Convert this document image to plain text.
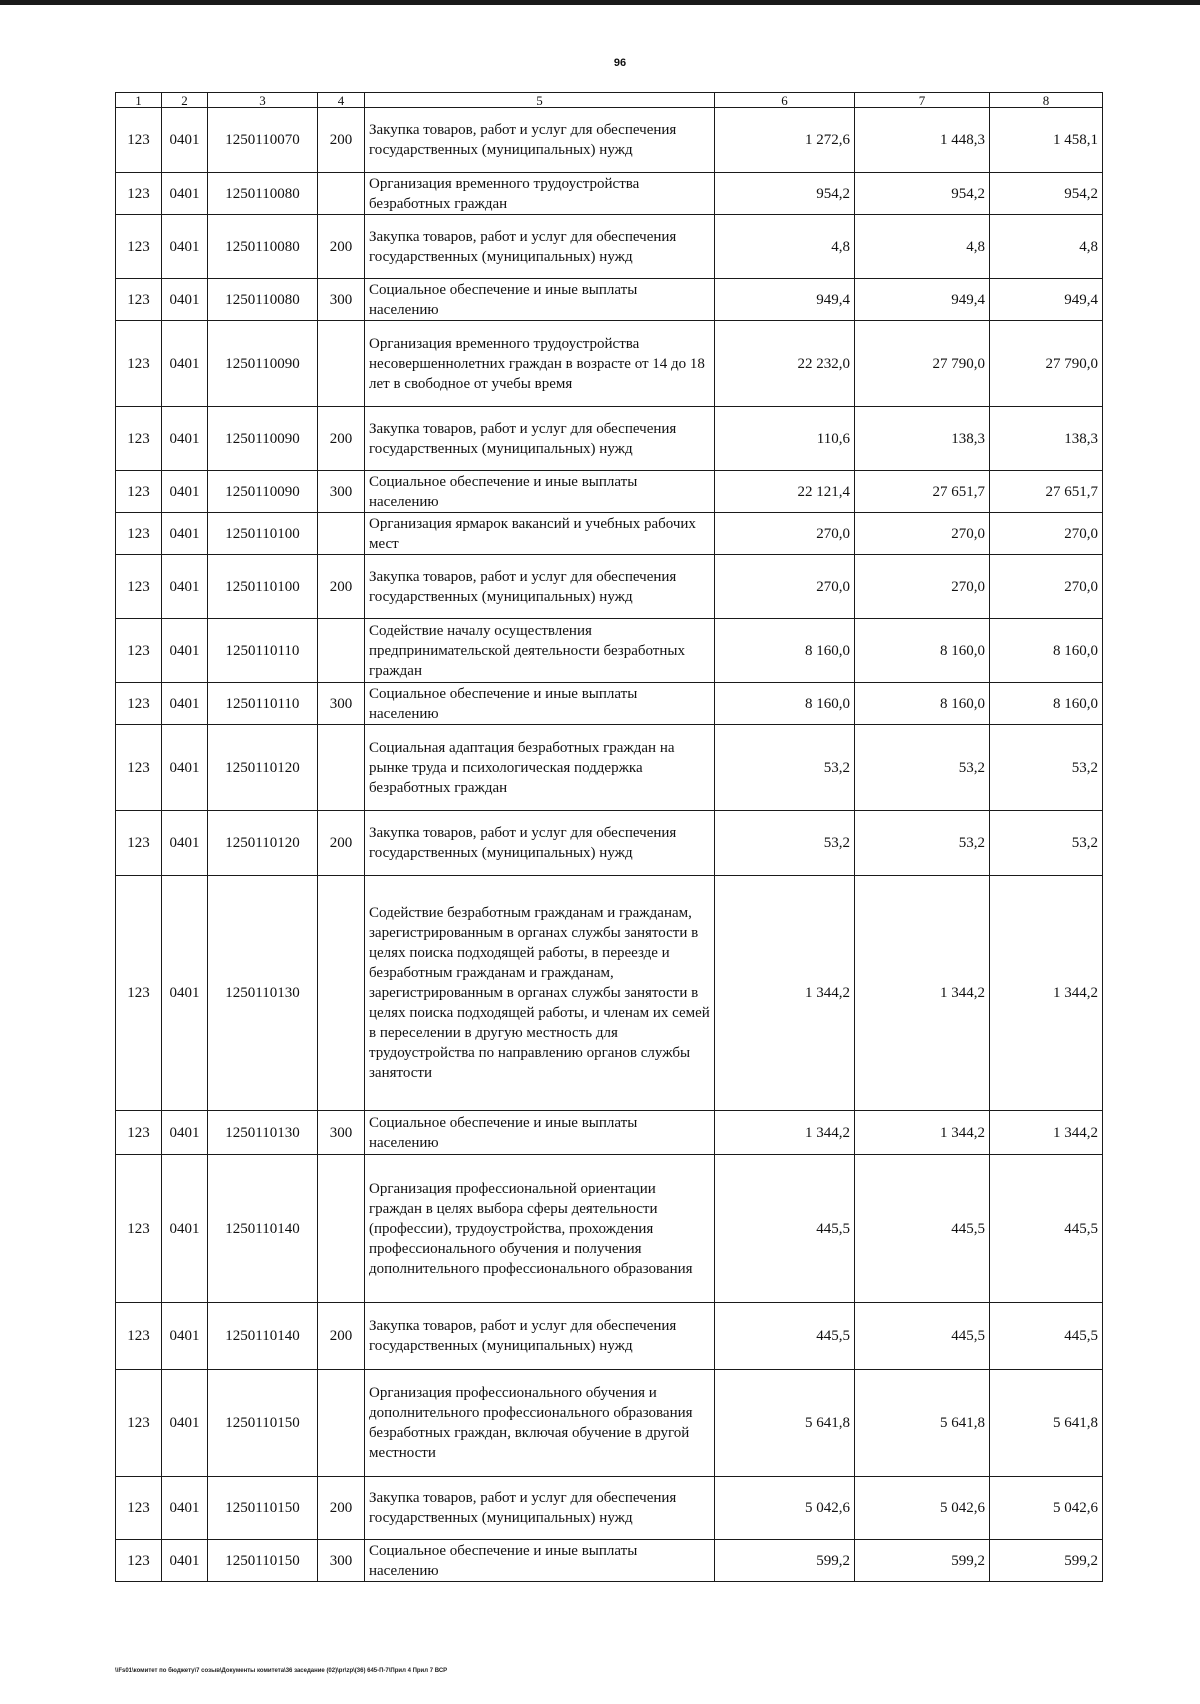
96
1	2	3	4	5	6	7	8
123	0401	1250110070	200	Закупка товаров, работ и услуг для обеспечения государственных (муниципальных) нужд	1 272,6	1 448,3	1 458,1
123	0401	1250110080		Организация временного трудоустройства безработных граждан	954,2	954,2	954,2
123	0401	1250110080	200	Закупка товаров, работ и услуг для обеспечения государственных (муниципальных) нужд	4,8	4,8	4,8
123	0401	1250110080	300	Социальное обеспечение и иные выплаты населению	949,4	949,4	949,4
123	0401	1250110090		Организация временного трудоустройства несовершеннолетних граждан в возрасте от 14 до 18 лет в свободное от учебы время	22 232,0	27 790,0	27 790,0
123	0401	1250110090	200	Закупка товаров, работ и услуг для обеспечения государственных (муниципальных) нужд	110,6	138,3	138,3
123	0401	1250110090	300	Социальное обеспечение и иные выплаты населению	22 121,4	27 651,7	27 651,7
123	0401	1250110100		Организация ярмарок вакансий и учебных рабочих мест	270,0	270,0	270,0
123	0401	1250110100	200	Закупка товаров, работ и услуг для обеспечения государственных (муниципальных) нужд	270,0	270,0	270,0
123	0401	1250110110		Содействие началу осуществления предпринимательской деятельности безработных граждан	8 160,0	8 160,0	8 160,0
123	0401	1250110110	300	Социальное обеспечение и иные выплаты населению	8 160,0	8 160,0	8 160,0
123	0401	1250110120		Социальная адаптация безработных граждан на рынке труда и психологическая поддержка безработных граждан	53,2	53,2	53,2
123	0401	1250110120	200	Закупка товаров, работ и услуг для обеспечения государственных (муниципальных) нужд	53,2	53,2	53,2
123	0401	1250110130		Содействие безработным гражданам и гражданам, зарегистрированным в органах службы занятости в целях поиска подходящей работы, в переезде и безработным гражданам и гражданам, зарегистрированным в органах службы занятости в целях поиска подходящей работы, и членам их семей в переселении в другую местность для трудоустройства по направлению органов службы занятости	1 344,2	1 344,2	1 344,2
123	0401	1250110130	300	Социальное обеспечение и иные выплаты населению	1 344,2	1 344,2	1 344,2
123	0401	1250110140		Организация профессиональной ориентации граждан в целях выбора сферы деятельности (профессии), трудоустройства, прохождения профессионального обучения и получения дополнительного профессионального образования	445,5	445,5	445,5
123	0401	1250110140	200	Закупка товаров, работ и услуг для обеспечения государственных (муниципальных) нужд	445,5	445,5	445,5
123	0401	1250110150		Организация профессионального обучения и дополнительного профессионального образования безработных граждан, включая обучение в другой местности	5 641,8	5 641,8	5 641,8
123	0401	1250110150	200	Закупка товаров, работ и услуг для обеспечения государственных (муниципальных) нужд	5 042,6	5 042,6	5 042,6
123	0401	1250110150	300	Социальное обеспечение и иные выплаты населению	599,2	599,2	599,2
\\Fs01\комитет по бюджету\7 созыв\Документы комитета\36 заседание (02)\pr\zp\(36) 645-П-7\Прил 4 Прил 7 ВСР
